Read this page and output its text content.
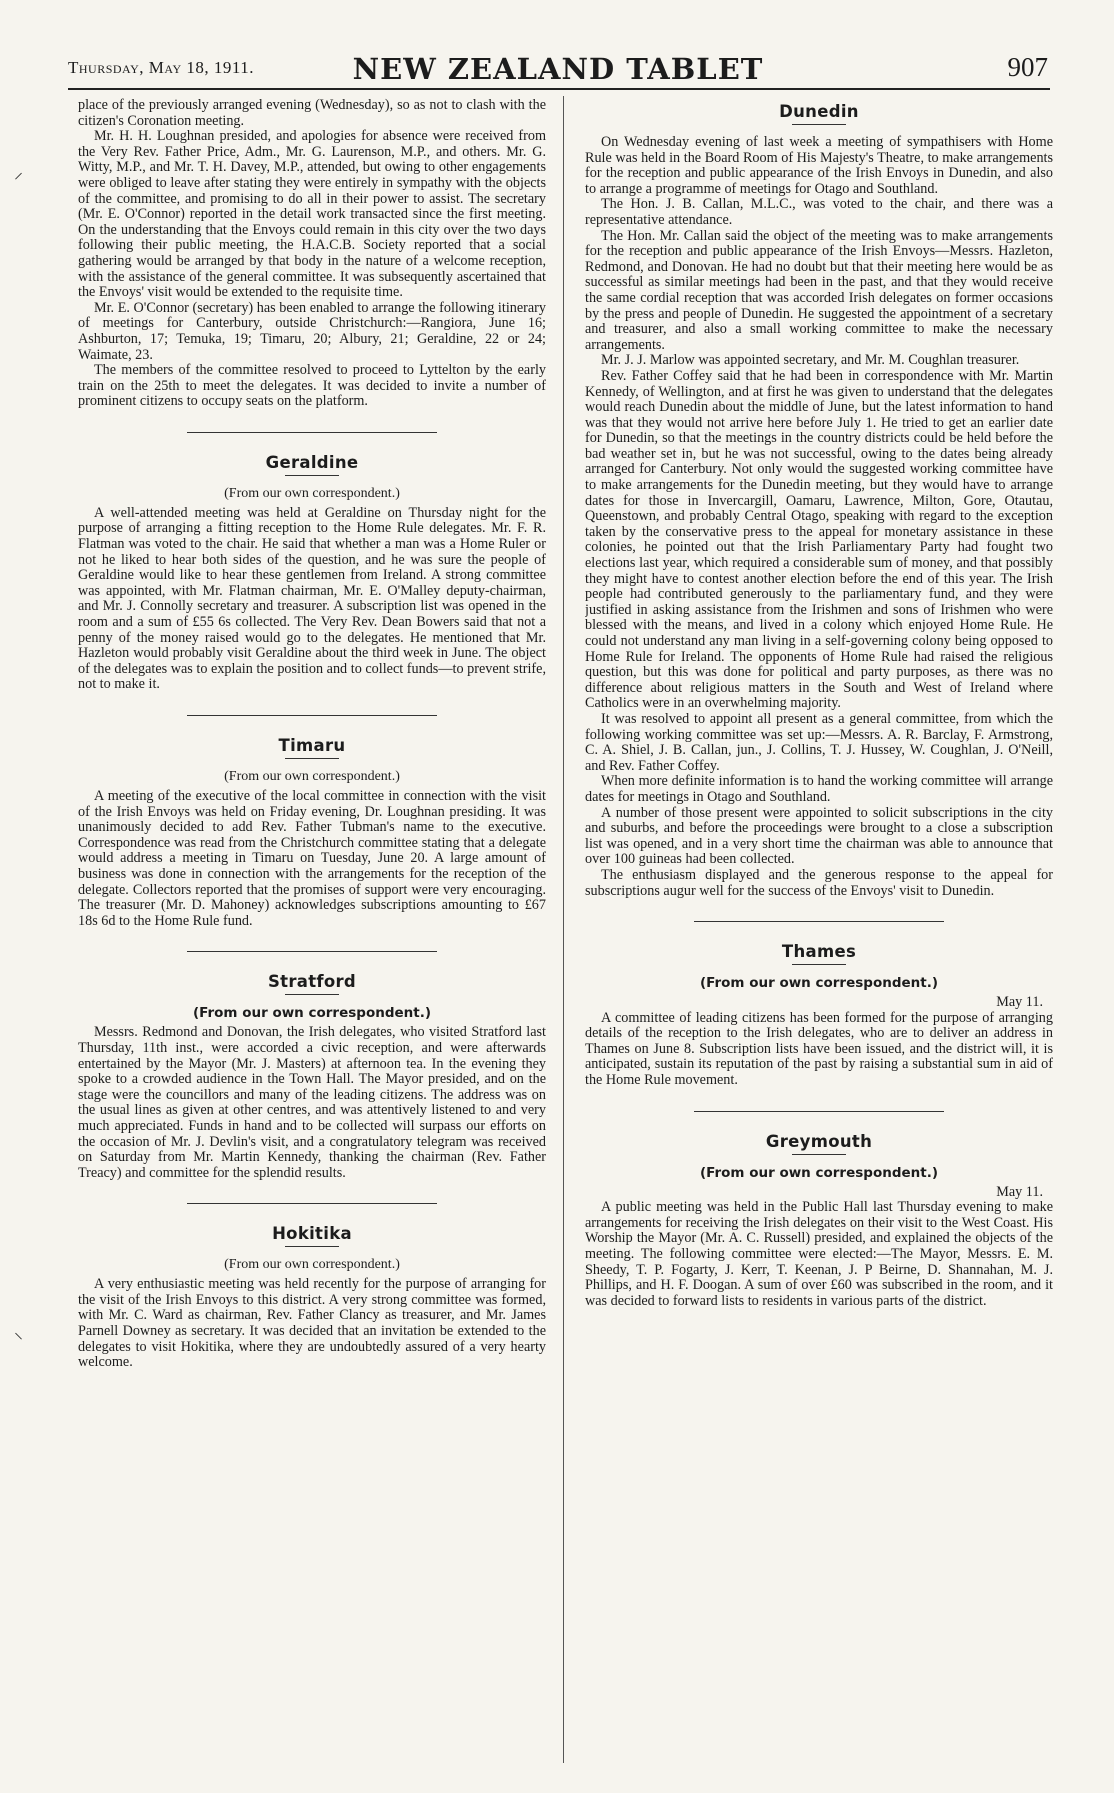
Thursday, May 18, 1911.	NEW ZEALAND TABLET	907
⸝
⸜

place of the previously arranged evening (Wednesday), so as not to clash with the citizen's Coronation meeting.

Mr. H. H. Loughnan presided, and apologies for absence were received from the Very Rev. Father Price, Adm., Mr. G. Laurenson, M.P., and others. Mr. G. Witty, M.P., and Mr. T. H. Davey, M.P., attended, but owing to other engagements were obliged to leave after stating they were entirely in sympathy with the objects of the committee, and promising to do all in their power to assist. The secretary (Mr. E. O'Connor) reported in the detail work transacted since the first meeting. On the understanding that the Envoys could remain in this city over the two days following their public meeting, the H.A.C.B. Society reported that a social gathering would be arranged by that body in the nature of a welcome reception, with the assistance of the general committee. It was subsequently ascertained that the Envoys' visit would be extended to the requisite time.

Mr. E. O'Connor (secretary) has been enabled to arrange the following itinerary of meetings for Canterbury, outside Christchurch:—Rangiora, June 16; Ashburton, 17; Temuka, 19; Timaru, 20; Albury, 21; Geraldine, 22 or 24; Waimate, 23.

The members of the committee resolved to proceed to Lyttelton by the early train on the 25th to meet the delegates. It was decided to invite a number of prominent citizens to occupy seats on the platform.

Geraldine
(From our own correspondent.)

A well-attended meeting was held at Geraldine on Thursday night for the purpose of arranging a fitting reception to the Home Rule delegates. Mr. F. R. Flatman was voted to the chair. He said that whether a man was a Home Ruler or not he liked to hear both sides of the question, and he was sure the people of Geraldine would like to hear these gentlemen from Ireland. A strong committee was appointed, with Mr. Flatman chairman, Mr. E. O'Malley deputy-chairman, and Mr. J. Connolly secretary and treasurer. A subscription list was opened in the room and a sum of £55 6s collected. The Very Rev. Dean Bowers said that not a penny of the money raised would go to the delegates. He mentioned that Mr. Hazleton would probably visit Geraldine about the third week in June. The object of the delegates was to explain the position and to collect funds—to prevent strife, not to make it.

Timaru
(From our own correspondent.)

A meeting of the executive of the local committee in connection with the visit of the Irish Envoys was held on Friday evening, Dr. Loughnan presiding. It was unanimously decided to add Rev. Father Tubman's name to the executive. Correspondence was read from the Christchurch committee stating that a delegate would address a meeting in Timaru on Tuesday, June 20. A large amount of business was done in connection with the arrangements for the reception of the delegate. Collectors reported that the promises of support were very encouraging. The treasurer (Mr. D. Mahoney) acknowledges subscriptions amounting to £67 18s 6d to the Home Rule fund.

Stratford
(From our own correspondent.)

Messrs. Redmond and Donovan, the Irish delegates, who visited Stratford last Thursday, 11th inst., were accorded a civic reception, and were afterwards entertained by the Mayor (Mr. J. Masters) at afternoon tea. In the evening they spoke to a crowded audience in the Town Hall. The Mayor presided, and on the stage were the councillors and many of the leading citizens. The address was on the usual lines as given at other centres, and was attentively listened to and very much appreciated. Funds in hand and to be collected will surpass our efforts on the occasion of Mr. J. Devlin's visit, and a congratulatory telegram was received on Saturday from Mr. Martin Kennedy, thanking the chairman (Rev. Father Treacy) and committee for the splendid results.

Hokitika
(From our own correspondent.)

A very enthusiastic meeting was held recently for the purpose of arranging for the visit of the Irish Envoys to this district. A very strong committee was formed, with Mr. C. Ward as chairman, Rev. Father Clancy as treasurer, and Mr. James Parnell Downey as secretary. It was decided that an invitation be extended to the delegates to visit Hokitika, where they are undoubtedly assured of a very hearty welcome.

Dunedin

On Wednesday evening of last week a meeting of sympathisers with Home Rule was held in the Board Room of His Majesty's Theatre, to make arrangements for the reception and public appearance of the Irish Envoys in Dunedin, and also to arrange a programme of meetings for Otago and Southland.

The Hon. J. B. Callan, M.L.C., was voted to the chair, and there was a representative attendance.

The Hon. Mr. Callan said the object of the meeting was to make arrangements for the reception and public appearance of the Irish Envoys—Messrs. Hazleton, Redmond, and Donovan. He had no doubt but that their meeting here would be as successful as similar meetings had been in the past, and that they would receive the same cordial reception that was accorded Irish delegates on former occasions by the press and people of Dunedin. He suggested the appointment of a secretary and treasurer, and also a small working committee to make the necessary arrangements.

Mr. J. J. Marlow was appointed secretary, and Mr. M. Coughlan treasurer.

Rev. Father Coffey said that he had been in correspondence with Mr. Martin Kennedy, of Wellington, and at first he was given to understand that the delegates would reach Dunedin about the middle of June, but the latest information to hand was that they would not arrive here before July 1. He tried to get an earlier date for Dunedin, so that the meetings in the country districts could be held before the bad weather set in, but he was not successful, owing to the dates being already arranged for Canterbury. Not only would the suggested working committee have to make arrangements for the Dunedin meeting, but they would have to arrange dates for those in Invercargill, Oamaru, Lawrence, Milton, Gore, Otautau, Queenstown, and probably Central Otago, speaking with regard to the exception taken by the conservative press to the appeal for monetary assistance in these colonies, he pointed out that the Irish Parliamentary Party had fought two elections last year, which required a considerable sum of money, and that possibly they might have to contest another election before the end of this year. The Irish people had contributed generously to the parliamentary fund, and they were justified in asking assistance from the Irishmen and sons of Irishmen who were blessed with the means, and lived in a colony which enjoyed Home Rule. He could not understand any man living in a self-governing colony being opposed to Home Rule for Ireland. The opponents of Home Rule had raised the religious question, but this was done for political and party purposes, as there was no difference about religious matters in the South and West of Ireland where Catholics were in an overwhelming majority.

It was resolved to appoint all present as a general committee, from which the following working committee was set up:—Messrs. A. R. Barclay, F. Armstrong, C. A. Shiel, J. B. Callan, jun., J. Collins, T. J. Hussey, W. Coughlan, J. O'Neill, and Rev. Father Coffey.

When more definite information is to hand the working committee will arrange dates for meetings in Otago and Southland.

A number of those present were appointed to solicit subscriptions in the city and suburbs, and before the proceedings were brought to a close a subscription list was opened, and in a very short time the chairman was able to announce that over 100 guineas had been collected.

The enthusiasm displayed and the generous response to the appeal for subscriptions augur well for the success of the Envoys' visit to Dunedin.

Thames
(From our own correspondent.)
May 11.

A committee of leading citizens has been formed for the purpose of arranging details of the reception to the Irish delegates, who are to deliver an address in Thames on June 8. Subscription lists have been issued, and the district will, it is anticipated, sustain its reputation of the past by raising a substantial sum in aid of the Home Rule movement.

Greymouth
(From our own correspondent.)
May 11.

A public meeting was held in the Public Hall last Thursday evening to make arrangements for receiving the Irish delegates on their visit to the West Coast. His Worship the Mayor (Mr. A. C. Russell) presided, and explained the objects of the meeting. The following committee were elected:—The Mayor, Messrs. E. M. Sheedy, T. P. Fogarty, J. Kerr, T. Keenan, J. P Beirne, D. Shannahan, M. J. Phillips, and H. F. Doogan. A sum of over £60 was subscribed in the room, and it was decided to forward lists to residents in various parts of the district.
